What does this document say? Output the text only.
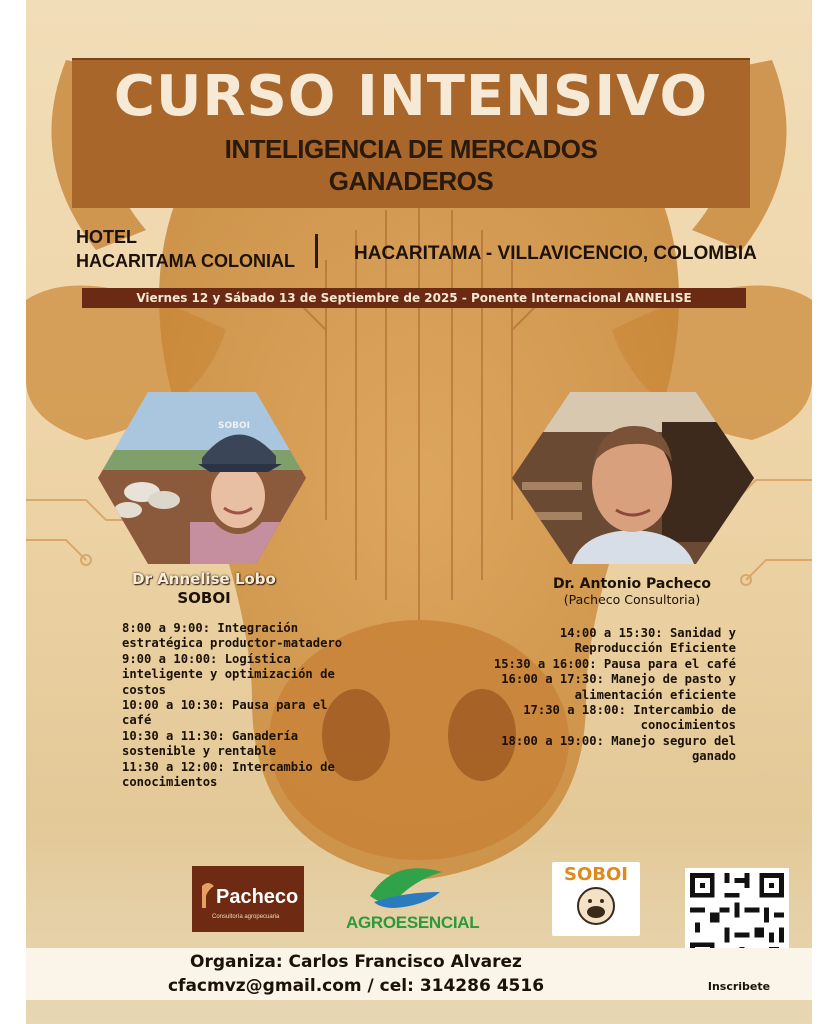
CURSO INTENSIVO
INTELIGENCIA DE MERCADOS
GANADEROS
HOTEL
HACARITAMA COLONIAL	HACARITAMA - VILLAVICENCIO, COLOMBIA
Viernes 12 y Sábado 13 de Septiembre de 2025 - Ponente Internacional ANNELISE
SOBOI
Dr Annelise Lobo
SOBOI
8:00 a 9:00: Integración
estratégica productor-matadero
9:00 a 10:00: Logística
inteligente y optimización de
costos
10:00 a 10:30: Pausa para el
café
10:30 a 11:30: Ganadería
sostenible y rentable
11:30 a 12:00: Intercambio de
conocimientos
Dr. Antonio Pacheco
(Pacheco Consultoria)
14:00 a 15:30: Sanidad y
Reproducción Eficiente
15:30 a 16:00: Pausa para el café
16:00 a 17:30: Manejo de pasto y
alimentación eficiente
17:30 a 18:00: Intercambio de
conocimientos
18:00 a 19:00: Manejo seguro del
ganado
Pacheco
Consultoría agropecuaria	AGROESENCIAL
SOBOI
Organiza: Carlos Francisco Alvarez
cfacmvz@gmail.com / cel: 314286 4516	Inscribete
